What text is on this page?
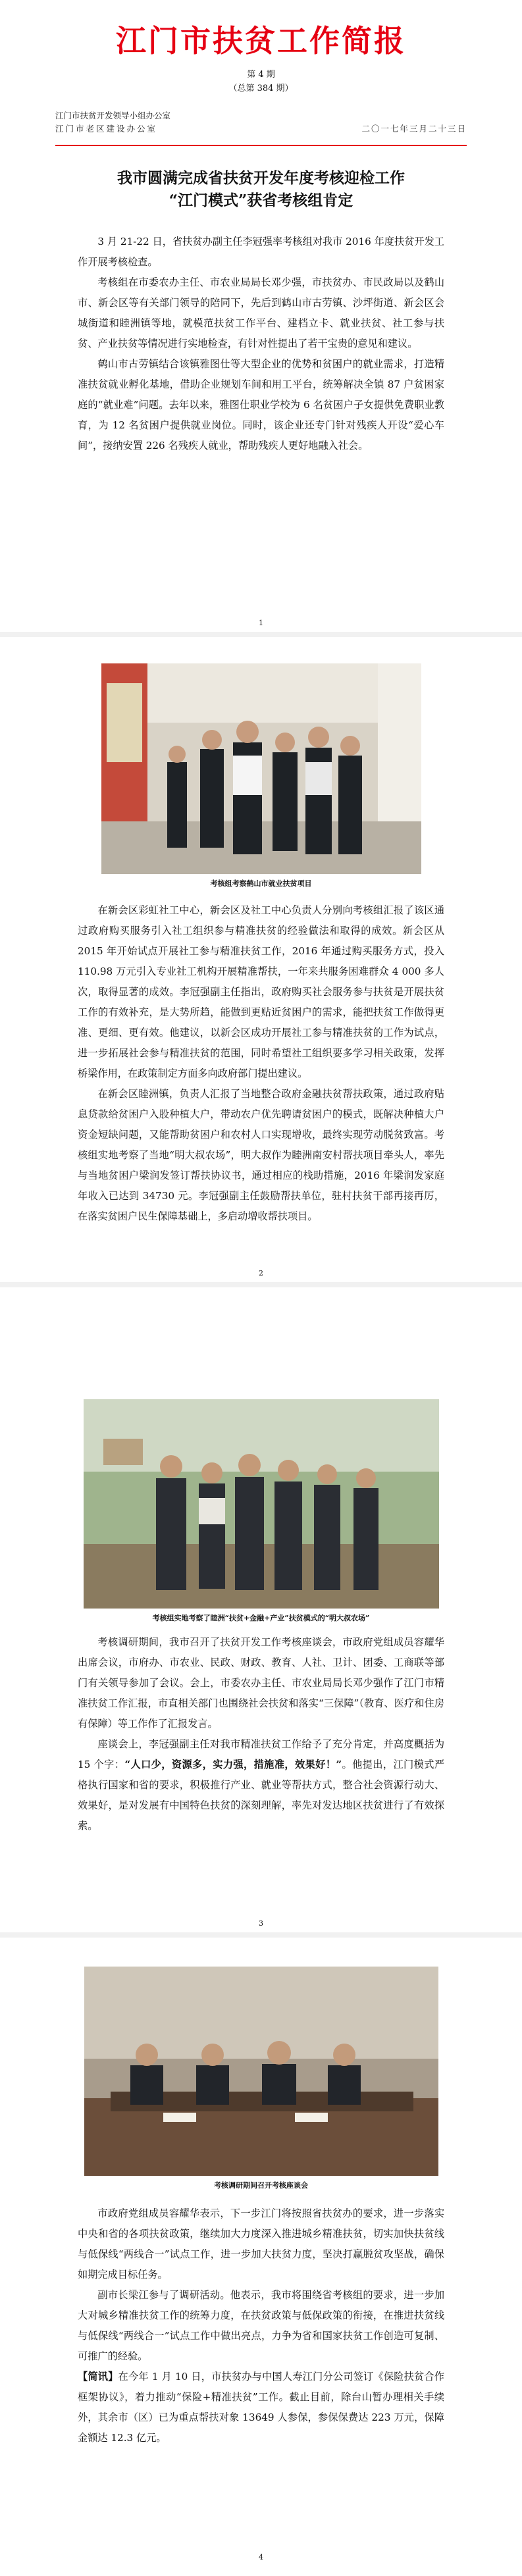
江门市扶贫工作简报
第 4 期
（总第 384 期）
江门市扶贫开发领导小组办公室
江门市老区建设办公室	二〇一七年三月二十三日
我市圆满完成省扶贫开发年度考核迎检工作
“江门模式”获省考核组肯定

3 月 21-22 日，省扶贫办副主任李冠强率考核组对我市 2016 年度扶贫开发工作开展考核检查。

考核组在市委农办主任、市农业局局长邓少强，市扶贫办、市民政局以及鹤山市、新会区等有关部门领导的陪同下，先后到鹤山市古劳镇、沙坪街道、新会区会城街道和睦洲镇等地，就模范扶贫工作平台、建档立卡、就业扶贫、社工参与扶贫、产业扶贫等情况进行实地检查，有针对性提出了若干宝贵的意见和建议。

鹤山市古劳镇结合该镇雅图仕等大型企业的优势和贫困户的就业需求，打造精准扶贫就业孵化基地，借助企业规划车间和用工平台，统筹解决全镇 87 户贫困家庭的“就业难”问题。去年以来，雅图仕职业学校为 6 名贫困户子女提供免费职业教育，为 12 名贫困户提供就业岗位。同时，该企业还专门针对残疾人开设“爱心车间”，接纳安置 226 名残疾人就业，帮助残疾人更好地融入社会。

1
考核组考察鹤山市就业扶贫项目

在新会区彩虹社工中心，新会区及社工中心负责人分别向考核组汇报了该区通过政府购买服务引入社工组织参与精准扶贫的经验做法和取得的成效。新会区从 2015 年开始试点开展社工参与精准扶贫工作，2016 年通过购买服务方式，投入 110.98 万元引入专业社工机构开展精准帮扶，一年来共服务困难群众 4 000 多人次，取得显著的成效。李冠强副主任指出，政府购买社会服务参与扶贫是开展扶贫工作的有效补充，是大势所趋，能做到更贴近贫困户的需求，能把扶贫工作做得更准、更细、更有效。他建议，以新会区成功开展社工参与精准扶贫的工作为试点，进一步拓展社会参与精准扶贫的范围，同时希望社工组织要多学习相关政策，发挥桥梁作用，在政策制定方面多向政府部门提出建议。

在新会区睦洲镇，负责人汇报了当地整合政府金融扶贫帮扶政策，通过政府贴息贷款给贫困户入股种植大户，带动农户优先聘请贫困户的模式，既解决种植大户资金短缺问题，又能帮助贫困户和农村人口实现增收，最终实现劳动脱贫致富。考核组实地考察了当地“明大叔农场”，明大叔作为睦洲南安村帮扶项目牵头人，率先与当地贫困户梁润发签订帮扶协议书，通过相应的栈助措施，2016 年梁润发家庭年收入已达到 34730 元。李冠强副主任鼓励帮扶单位，驻村扶贫干部再接再厉，在落实贫困户民生保障基础上，多启动增收帮扶项目。

2
考核组实地考察了睦洲“扶贫+金融+产业”扶贫模式的“明大叔农场”

考核调研期间，我市召开了扶贫开发工作考核座谈会，市政府党组成员容耀华出席会议，市府办、市农业、民政、财政、教育、人社、卫计、团委、工商联等部门有关领导参加了会议。会上，市委农办主任、市农业局局长邓少强作了江门市精准扶贫工作汇报，市直相关部门也围绕社会扶贫和落实“三保障”（教育、医疗和住房有保障）等工作作了汇报发言。

座谈会上，李冠强副主任对我市精准扶贫工作给予了充分肯定，并高度概括为 15 个字：“人口少，资源多，实力强，措施准，效果好！”。他提出，江门模式严格执行国家和省的要求，积极推行产业、就业等帮扶方式，整合社会资源行动大、效果好，是对发展有中国特色扶贫的深刻理解，率先对发达地区扶贫进行了有效探索。

3
考核调研期间召开考核座谈会

市政府党组成员容耀华表示，下一步江门将按照省扶贫办的要求，进一步落实中央和省的各项扶贫政策，继续加大力度深入推进城乡精准扶贫，切实加快扶贫线与低保线“两线合一”试点工作，进一步加大扶贫力度，坚决打赢脱贫攻坚战，确保如期完成目标任务。

副市长梁江参与了调研活动。他表示，我市将围绕省考核组的要求，进一步加大对城乡精准扶贫工作的统筹力度，在扶贫政策与低保政策的衔接，在推进扶贫线与低保线“两线合一”试点工作中做出亮点，力争为省和国家扶贫工作创造可复制、可推广的经验。

【简讯】在今年 1 月 10 日，市扶贫办与中国人寿江门分公司签订《保险扶贫合作框架协议》，着力推动“保险+精准扶贫”工作。截止目前，除台山暂办理相关手续外，其余市（区）已为重点帮扶对象 13649 人参保，参保保费达 223 万元，保障金额达 12.3 亿元。

4
